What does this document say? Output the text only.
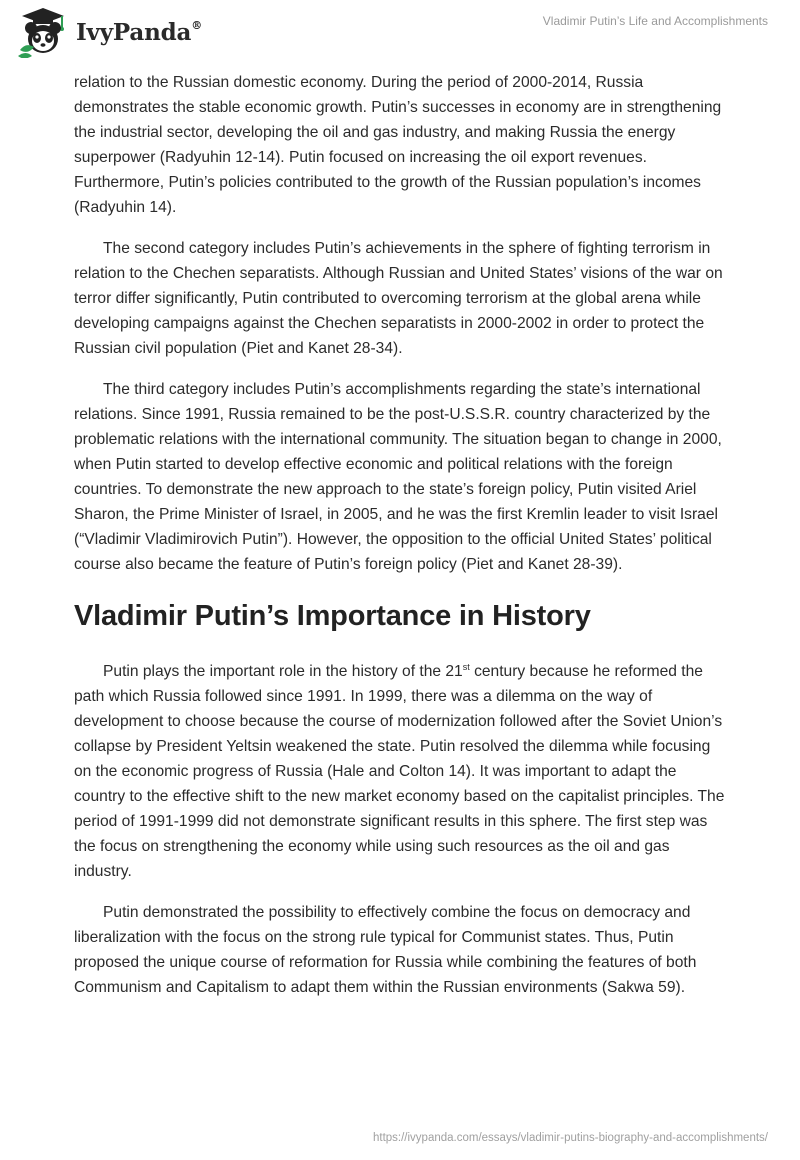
IvyPanda®	Vladimir Putin’s Life and Accomplishments

relation to the Russian domestic economy. During the period of 2000-2014, Russia demonstrates the stable economic growth. Putin’s successes in economy are in strengthening the industrial sector, developing the oil and gas industry, and making Russia the energy superpower (Radyuhin 12-14). Putin focused on increasing the oil export revenues. Furthermore, Putin’s policies contributed to the growth of the Russian population’s incomes (Radyuhin 14).

The second category includes Putin’s achievements in the sphere of fighting terrorism in relation to the Chechen separatists. Although Russian and United States’ visions of the war on terror differ significantly, Putin contributed to overcoming terrorism at the global arena while developing campaigns against the Chechen separatists in 2000-2002 in order to protect the Russian civil population (Piet and Kanet 28-34).

The third category includes Putin’s accomplishments regarding the state’s international relations. Since 1991, Russia remained to be the post-U.S.S.R. country characterized by the problematic relations with the international community. The situation began to change in 2000, when Putin started to develop effective economic and political relations with the foreign countries. To demonstrate the new approach to the state’s foreign policy, Putin visited Ariel Sharon, the Prime Minister of Israel, in 2005, and he was the first Kremlin leader to visit Israel (“Vladimir Vladimirovich Putin”). However, the opposition to the official United States’ political course also became the feature of Putin’s foreign policy (Piet and Kanet 28-39).

Vladimir Putin’s Importance in History

Putin plays the important role in the history of the 21st century because he reformed the path which Russia followed since 1991. In 1999, there was a dilemma on the way of development to choose because the course of modernization followed after the Soviet Union’s collapse by President Yeltsin weakened the state. Putin resolved the dilemma while focusing on the economic progress of Russia (Hale and Colton 14). It was important to adapt the country to the effective shift to the new market economy based on the capitalist principles. The period of 1991-1999 did not demonstrate significant results in this sphere. The first step was the focus on strengthening the economy while using such resources as the oil and gas industry.

Putin demonstrated the possibility to effectively combine the focus on democracy and liberalization with the focus on the strong rule typical for Communist states. Thus, Putin proposed the unique course of reformation for Russia while combining the features of both Communism and Capitalism to adapt them within the Russian environments (Sakwa 59).

https://ivypanda.com/essays/vladimir-putins-biography-and-accomplishments/
